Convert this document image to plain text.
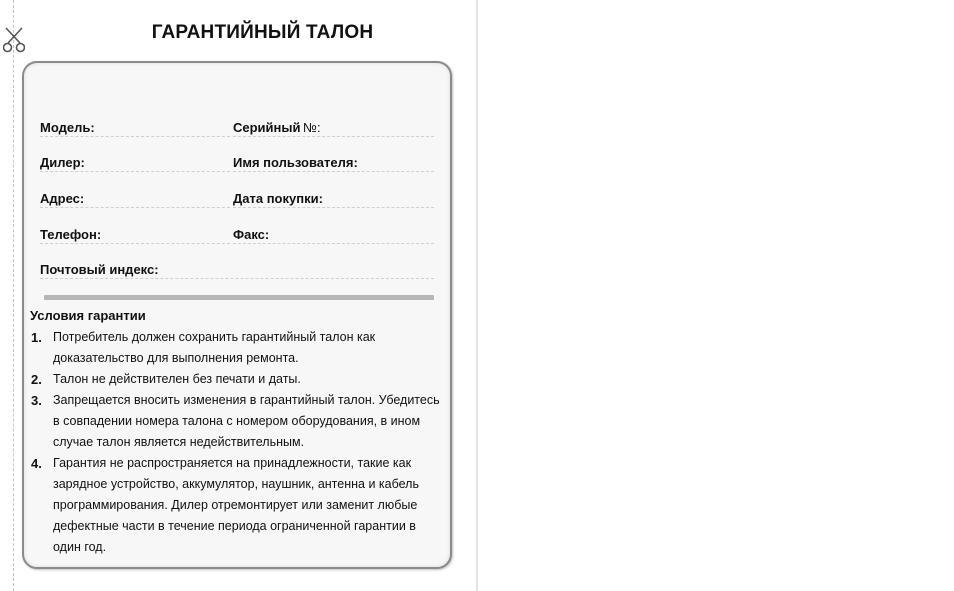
ГАРАНТИЙНЫЙ ТАЛОН
Модель:	Серийный №:
Дилер:	Имя пользователя:
Адрес:	Дата покупки:
Телефон:	Факс:
Почтовый индекс:
Условия гарантии
1. Потребитель должен сохранить гарантийный талон как доказательство для выполнения ремонта.
2. Талон не действителен без печати и даты.
3. Запрещается вносить изменения в гарантийный талон. Убедитесь в совпадении номера талона с номером оборудования, в ином случае талон является недействительным.
4. Гарантия не распространяется на принадлежности, такие как зарядное устройство, аккумулятор, наушник, антенна и кабель программирования. Дилер отремонтирует или заменит любые дефектные части в течение периода ограниченной гарантии в один год.
